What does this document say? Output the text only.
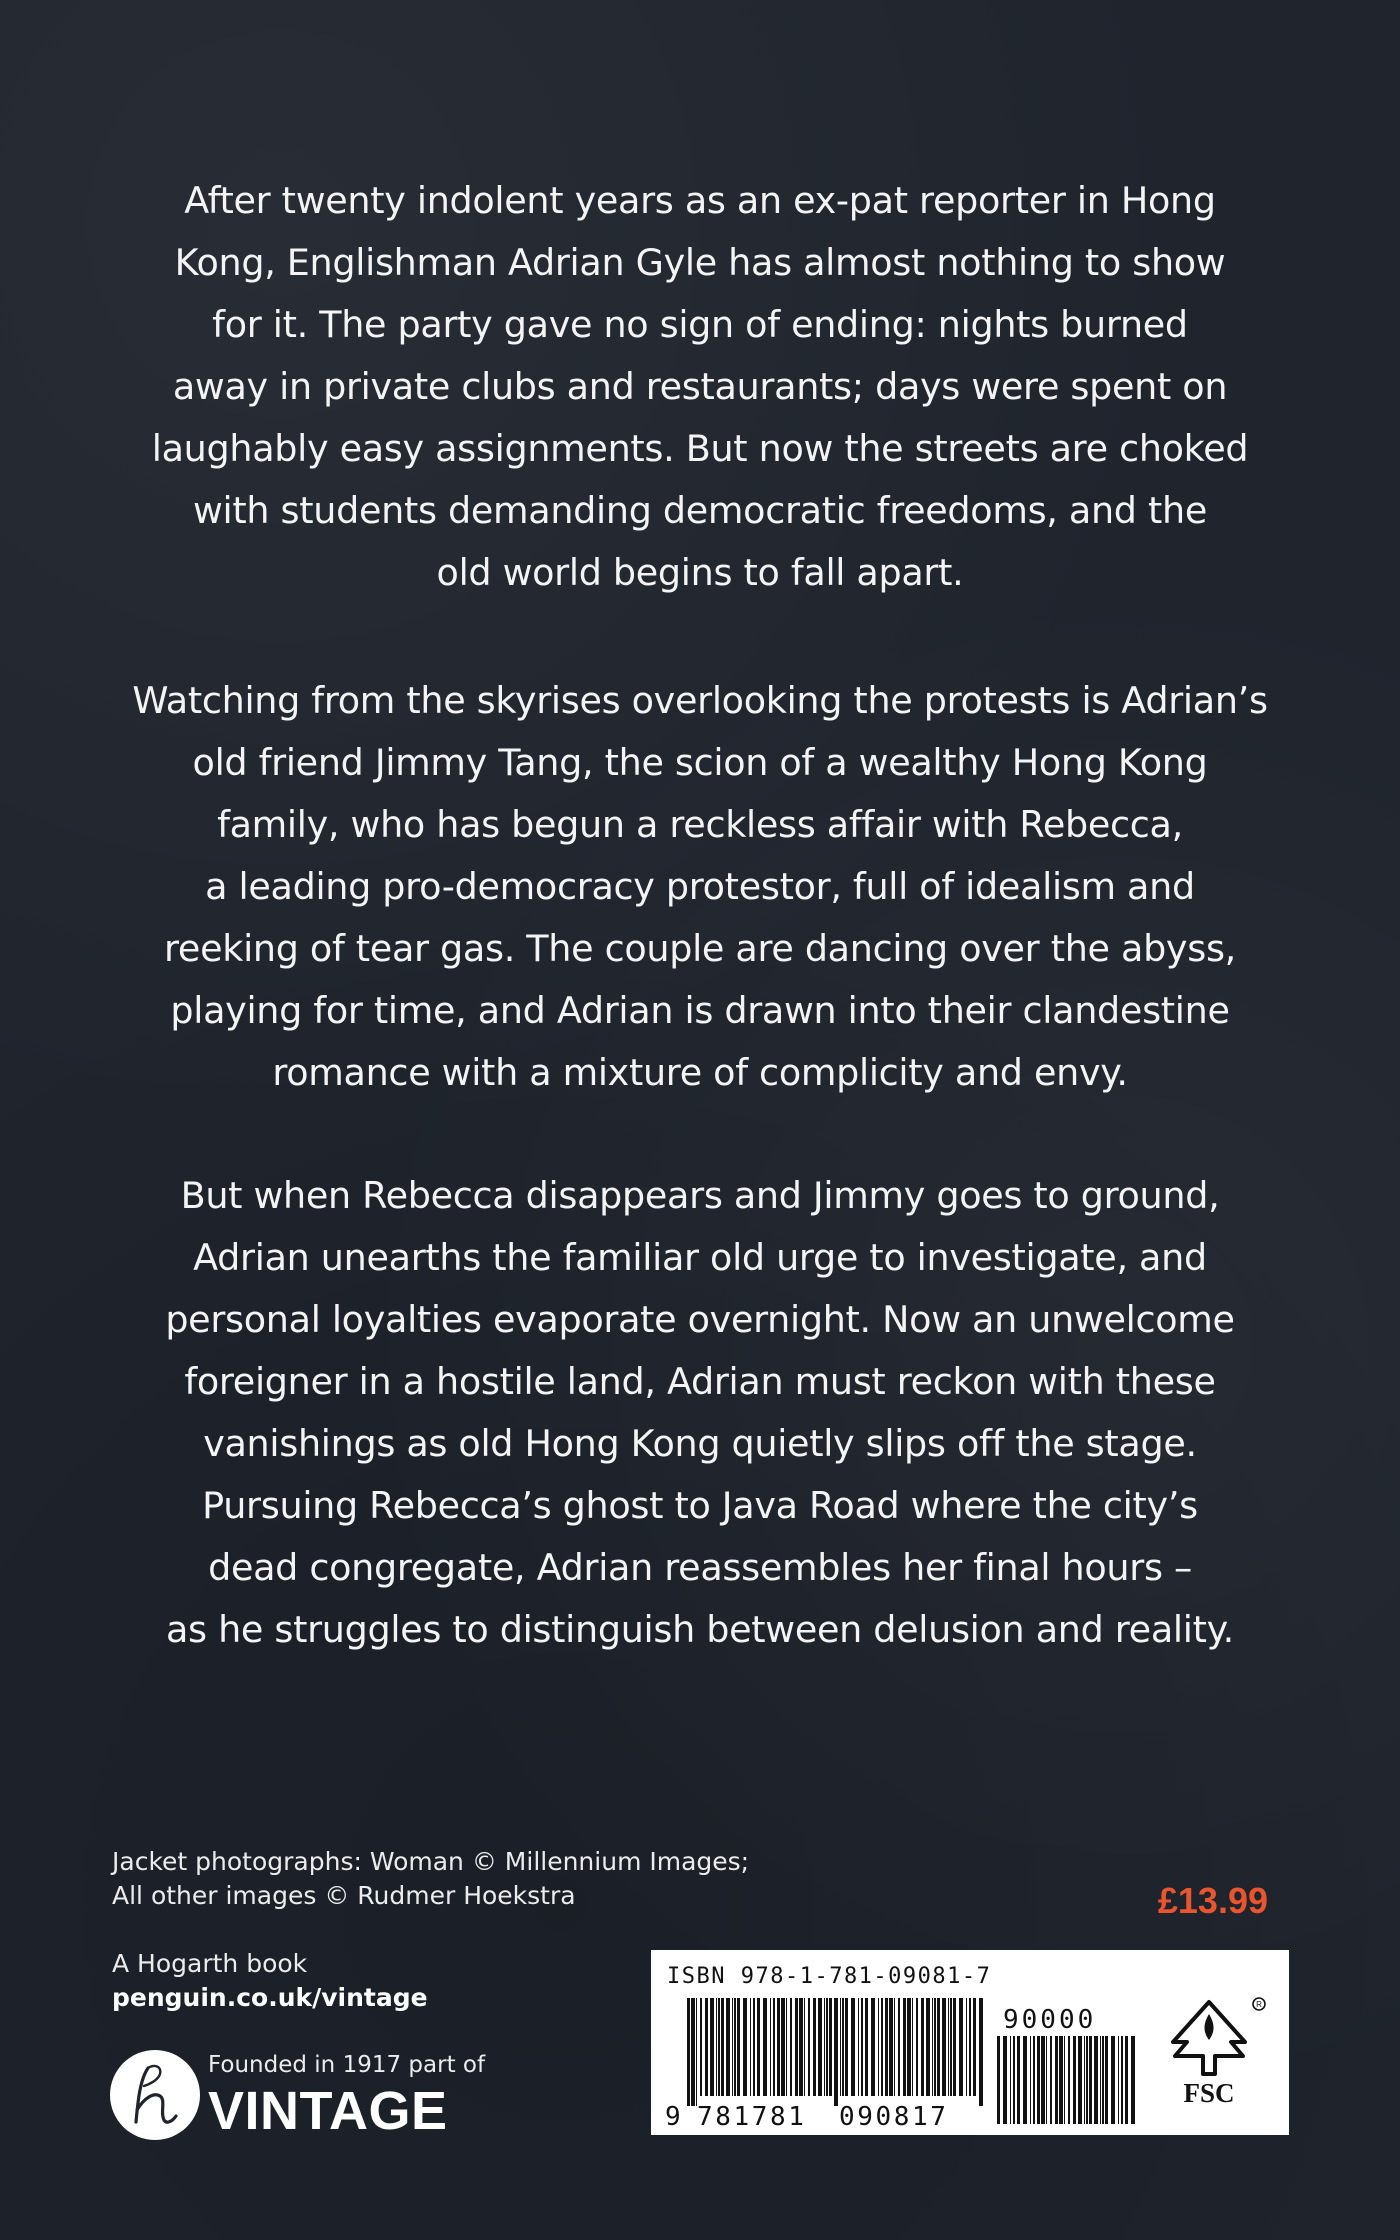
After twenty indolent years as an ex-pat reporter in Hong
Kong, Englishman Adrian Gyle has almost nothing to show
for it. The party gave no sign of ending: nights burned
away in private clubs and restaurants; days were spent on
laughably easy assignments. But now the streets are choked
with students demanding democratic freedoms, and the
old world begins to fall apart.

Watching from the skyrises overlooking the protests is Adrian’s
old friend Jimmy Tang, the scion of a wealthy Hong Kong
family, who has begun a reckless affair with Rebecca,
a leading pro-democracy protestor, full of idealism and
reeking of tear gas. The couple are dancing over the abyss,
playing for time, and Adrian is drawn into their clandestine
romance with a mixture of complicity and envy.

But when Rebecca disappears and Jimmy goes to ground,
Adrian unearths the familiar old urge to investigate, and
personal loyalties evaporate overnight. Now an unwelcome
foreigner in a hostile land, Adrian must reckon with these
vanishings as old Hong Kong quietly slips off the stage.
Pursuing Rebecca’s ghost to Java Road where the city’s
dead congregate, Adrian reassembles her final hours –
as he struggles to distinguish between delusion and reality.

Jacket photographs: Woman © Millennium Images;
All other images © Rudmer Hoekstra	£13.99
A Hogarth book
penguin.co.uk/vintage
Founded in 1917 part of
VINTAGE
ISBN 978-1-781-09081-7
9 781781 090817
90000
R
FSC
